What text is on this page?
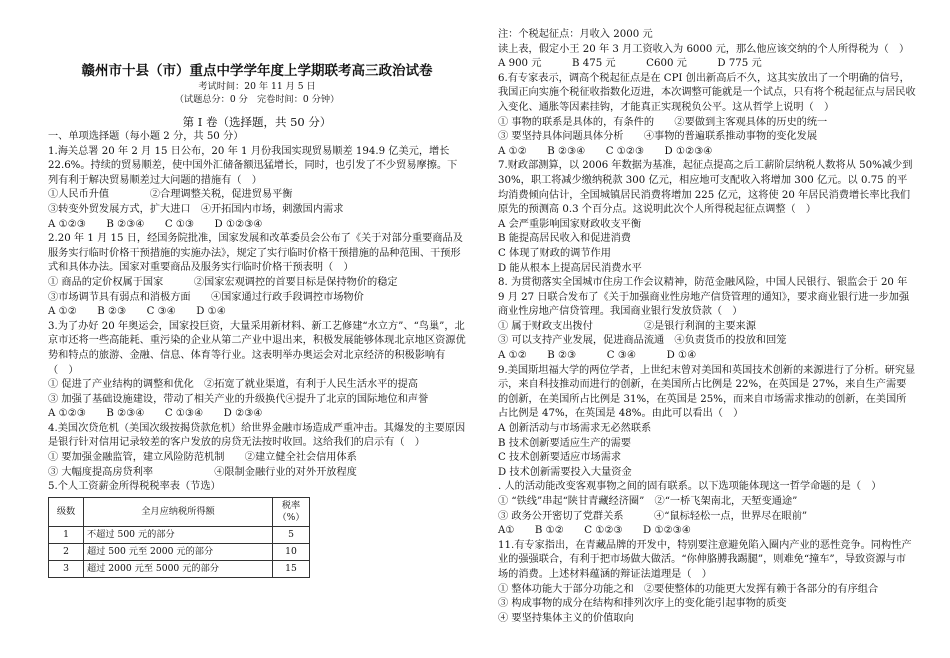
赣州市十县（市）重点中学学年度上学期联考高三政治试卷
考试时间：20 年 11 月 5 日
（试题总分：0 分　完卷时间：0 分钟）
第 I 卷（选择题，共 50 分）

一、单项选择题（每小题 2 分，共 50 分）

1.海关总署 20 年 2 月 15 日公布，20 年 1 月份我国实现贸易顺差 194.9 亿美元，增长 22.6%。持续的贸易顺差，使中国外汇储备额迅猛增长，同时，也引发了不少贸易摩擦。下列有利于解决贸易顺差过大问题的措施有（　）

①人民币升值　　　　②合理调整关税，促进贸易平衡

③转变外贸发展方式，扩大进口　④开拓国内市场，刺激国内需求

A ①②③　　B ②③④　　C ①③　　D ①②③④

2.20 年 1 月 15 日，经国务院批准，国家发展和改革委员会公布了《关于对部分重要商品及服务实行临时价格干预措施的实施办法》，规定了实行临时价格干预措施的品种范围、干预形式和具体办法。国家对重要商品及服务实行临时价格干预表明（　）

① 商品的定价权属于国家　　　②国家宏观调控的首要目标是保持物价的稳定

③市场调节具有弱点和消极方面　　④国家通过行政手段调控市场物价

A ①②　　B ②③　　C ③④　　D ①④

3.为了办好 20 年奥运会，国家投巨资，大量采用新材料、新工艺修建“水立方”、“鸟巢”，北京市还将一些高能耗、重污染的企业从第二产业中退出来，积极发展能够体现北京地区资源优势和特点的旅游、金融、信息、体育等行业。这表明举办奥运会对北京经济的积极影响有（　）

① 促进了产业结构的调整和优化　②拓宽了就业渠道，有利于人民生活水平的提高

③ 加强了基础设施建设，带动了相关产业的升级换代④提升了北京的国际地位和声誉

A ①②③　　B ②③④　　C ①③④　　D ②③④

4.美国次贷危机（美国次级按揭贷款危机）给世界金融市场造成严重冲击。其爆发的主要原因是银行针对信用记录较差的客户发放的房贷无法按时收回。这给我们的启示有（　）

① 要加强金融监管，建立风险防范机制　　②建立健全社会信用体系

③ 大幅度提高房贷利率　　　　　　④限制金融行业的对外开放程度

5.个人工资薪金所得税税率表（节选）

级数	全月应纳税所得额	税率（%）
1	不超过 500 元的部分	5
2	超过 500 元至 2000 元的部分	10
3	超过 2000 元至 5000 元的部分	15

注：个税起征点：月收入 2000 元

读上表，假定小王 20 年 3 月工资收入为 6000 元，那么他应该交纳的个人所得税为（　）

A 900 元　　　B 475 元　　　C600 元　　　D 775 元

6.有专家表示，调高个税起征点是在 CPI 创出新高后不久，这其实放出了一个明确的信号，我国正向实施个税征收指数化迈进，本次调整可能就是一个试点，只有将个税起征点与居民收入变化、通胀等因素挂钩，才能真正实现税负公平。这从哲学上说明（　）

① 事物的联系是具体的，有条件的　　②要做到主客观具体的历史的统一

③ 要坚持具体问题具体分析　　④事物的普遍联系推动事物的变化发展

A ①②　　B ②③④　　C ①②③　　D ①②③④

7.财政部测算，以 2006 年数据为基准，起征点提高之后工薪阶层纳税人数将从 50%减少到 30%，职工将减少缴纳税款 300 亿元，相应地可支配收入将增加 300 亿元。以 0.75 的平均消费倾向估计，全国城镇居民消费将增加 225 亿元，这将使 20 年居民消费增长率比我们原先的预测高 0.3 个百分点。这说明此次个人所得税起征点调整（　）

A 会严重影响国家财政收支平衡

B 能提高居民收入和促进消费

C 体现了财政的调节作用

D 能从根本上提高居民消费水平

8. 为贯彻落实全国城市住房工作会议精神，防范金融风险，中国人民银行、银监会于 20 年 9 月 27 日联合发布了《关于加强商业性房地产信贷管理的通知》，要求商业银行进一步加强商业性房地产信贷管理。我国商业银行发放贷款（　）

① 属于财政支出拨付　　　　　②是银行利润的主要来源

③ 可以支持产业发展，促进商品流通　④负责货币的投放和回笼

A ①②　　B ②③　　　C ③④　　　D ①④

9.美国斯坦福大学的两位学者，上世纪末曾对美国和英国技术创新的来源进行了分析。研究显示，来自科技推动而进行的创新，在美国所占比例是 22%，在英国是 27%，来自生产需要的创新，在美国所占比例是 31%，在英国是 25%，而来自市场需求推动的创新，在美国所占比例是 47%，在英国是 48%。由此可以看出（　）

A 创新活动与市场需求无必然联系

B 技术创新要适应生产的需要

C 技术创新要适应市场需求

D 技术创新需要投入大量资金

. 人的活动能改变客观事物之间的固有联系。以下选项能体现这一哲学命题的是（　）

① “铁线”串起“陕甘青藏经济圈”　②“一桥飞架南北，天堑变通途”

③ 政务公开密切了党群关系　　　④“鼠标轻松一点，世界尽在眼前”

A①　　B ①②　　C ①②③　　D ①②③④

11.有专家指出，在青藏品牌的开发中，特别要注意避免陷入圈内产业的恶性竞争。同构性产业的强强联合，有利于把市场做大做活。“你伸胳膊我踢腿”，则难免“撞车”，导致资源与市场的消费。上述材料蕴涵的辩证法道理是（　）

① 整体功能大于部分功能之和　②要使整体的功能更大发挥有赖于各部分的有序组合

③ 构成事物的成分在结构和排列次序上的变化能引起事物的质变

④ 要坚持集体主义的价值取向
